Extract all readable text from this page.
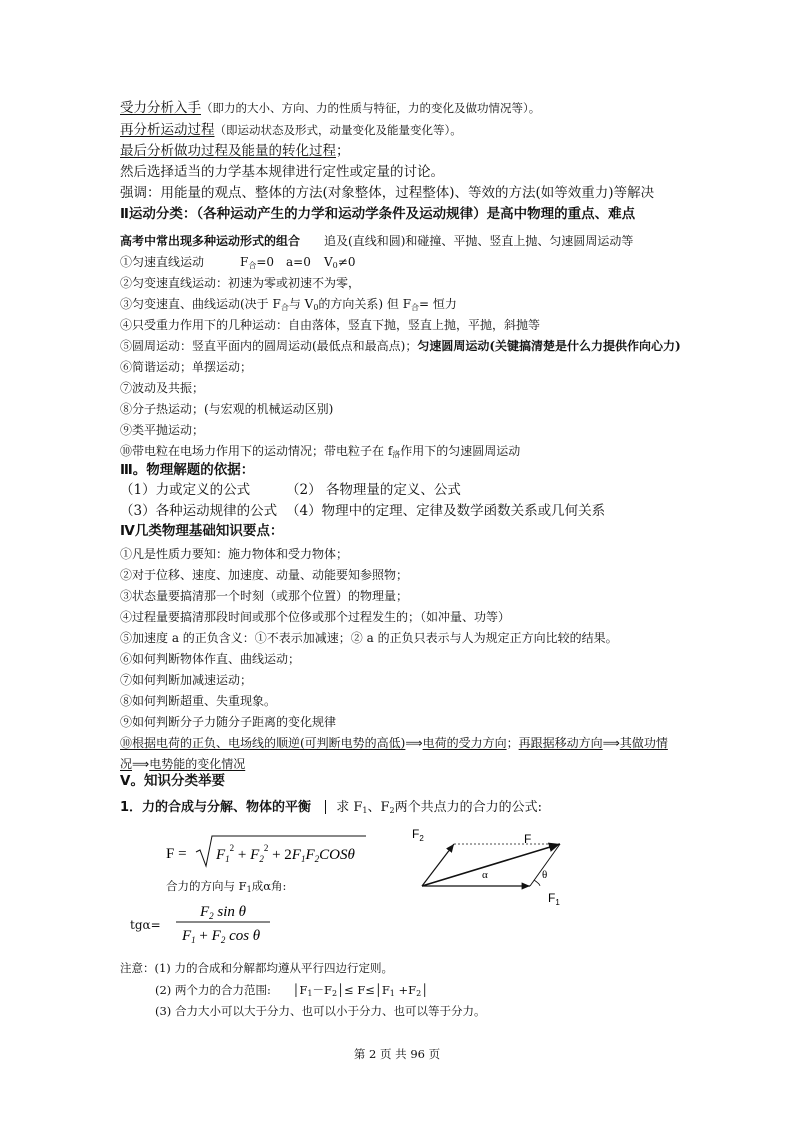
受力分析入手（即力的大小、方向、力的性质与特征，力的变化及做功情况等）。
再分析运动过程（即运动状态及形式，动量变化及能量变化等）。
最后分析做功过程及能量的转化过程；
然后选择适当的力学基本规律进行定性或定量的讨论。
强调：用能量的观点、整体的方法(对象整体，过程整体)、等效的方法(如等效重力)等解决
Ⅱ运动分类：（各种运动产生的力学和运动学条件及运动规律）是高中物理的重点、难点
高考中常出现多种运动形式的组合 追及(直线和圆)和碰撞、平抛、竖直上抛、匀速圆周运动等
①匀速直线运动	$F_合=0$ a=0 $V_0\ne 0$
②匀变速直线运动：初速为零或初速不为零，
③匀变速直、曲线运动(决于 $F_合$与 $V_0$的方向关系) 但 $F_合=$ 恒力
④只受重力作用下的几种运动：自由落体，竖直下抛，竖直上抛，平抛，斜抛等
⑤圆周运动：竖直平面内的圆周运动(最低点和最高点)；匀速圆周运动(关键搞清楚是什么力提供作向心力)
⑥简谐运动；单摆运动；
⑦波动及共振；
⑧分子热运动；(与宏观的机械运动区别)
⑨类平抛运动；
⑩带电粒在电场力作用下的运动情况；带电粒子在 $f_洛$作用下的匀速圆周运动
Ⅲ。物理解题的依据：
（1）力或定义的公式	（2） 各物理量的定义、公式
（3）各种运动规律的公式 （4）物理中的定理、定律及数学函数关系或几何关系
Ⅳ几类物理基础知识要点：
①凡是性质力要知：施力物体和受力物体；
②对于位移、速度、加速度、动量、动能要知参照物；
③状态量要搞清那一个时刻（或那个位置）的物理量；
④过程量要搞清那段时间或那个位侈或那个过程发生的；（如冲量、功等）
⑤加速度 a 的正负含义：①不表示加减速；② a 的正负只表示与人为规定正方向比较的结果。
⑥如何判断物体作直、曲线运动；
⑦如何判断加减速运动；
⑧如何判断超重、失重现象。
⑨如何判断分子力随分子距离的变化规律
⑩根据电荷的正负、电场线的顺逆(可判断电势的高低)⟹电荷的受力方向；再跟据移动方向⟹其做功情
况⟹电势能的变化情况
V。知识分类举要
1．力的合成与分解、物体的平衡 求 $F_1$、$F_2$两个共点力的合力的公式:
$F = F_1^2 + F_2^2 + 2F_1F_2COS\theta$
合力的方向与 $F_1$成α角:
tgα=
$F_2$ sin θ
$F_1 + F_2$ cos θ
$F_2$	F
α	θ
$F_1$
注意：(1) 力的合成和分解都均遵从平行四边行定则。
(2) 两个力的合力范围: $│F_1-F_2│\le$ $F\le│F_1$ $+F_2│$
(3) 合力大小可以大于分力、也可以小于分力、也可以等于分力。
第 2 页 共 96 页
